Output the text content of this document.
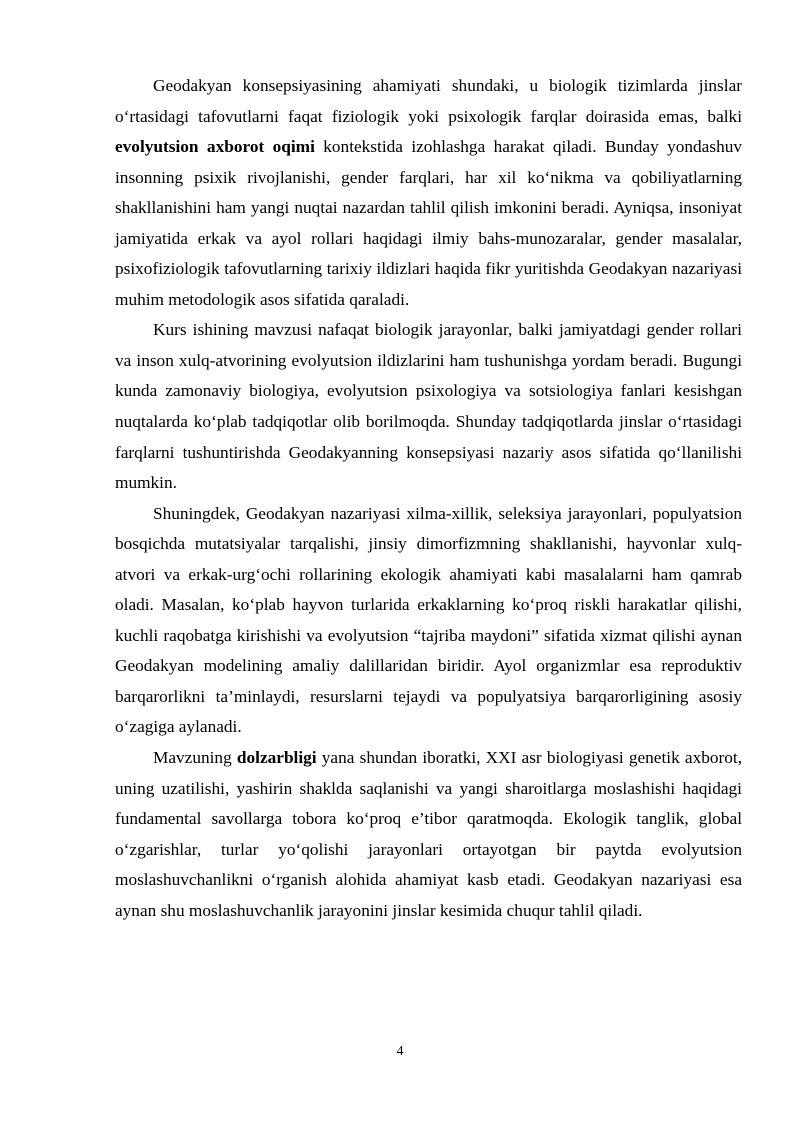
Geodakyan konsepsiyasining ahamiyati shundaki, u biologik tizimlarda jinslar o‘rtasidagi tafovutlarni faqat fiziologik yoki psixologik farqlar doirasida emas, balki evolyutsion axborot oqimi kontekstida izohlashga harakat qiladi. Bunday yondashuv insonning psixik rivojlanishi, gender farqlari, har xil ko‘nikma va qobiliyatlarning shakllanishini ham yangi nuqtai nazardan tahlil qilish imkonini beradi. Ayniqsa, insoniyat jamiyatida erkak va ayol rollari haqidagi ilmiy bahs-munozaralar, gender masalalar, psixofiziologik tafovutlarning tarixiy ildizlari haqida fikr yuritishda Geodakyan nazariyasi muhim metodologik asos sifatida qaraladi.

Kurs ishining mavzusi nafaqat biologik jarayonlar, balki jamiyatdagi gender rollari va inson xulq-atvorining evolyutsion ildizlarini ham tushunishga yordam beradi. Bugungi kunda zamonaviy biologiya, evolyutsion psixologiya va sotsiologiya fanlari kesishgan nuqtalarda ko‘plab tadqiqotlar olib borilmoqda. Shunday tadqiqotlarda jinslar o‘rtasidagi farqlarni tushuntirishda Geodakyanning konsepsiyasi nazariy asos sifatida qo‘llanilishi mumkin.

Shuningdek, Geodakyan nazariyasi xilma-xillik, seleksiya jarayonlari, populyatsion bosqichda mutatsiyalar tarqalishi, jinsiy dimorfizmning shakllanishi, hayvonlar xulq-atvori va erkak-urg‘ochi rollarining ekologik ahamiyati kabi masalalarni ham qamrab oladi. Masalan, ko‘plab hayvon turlarida erkaklarning ko‘proq riskli harakatlar qilishi, kuchli raqobatga kirishishi va evolyutsion “tajriba maydoni” sifatida xizmat qilishi aynan Geodakyan modelining amaliy dalillaridan biridir. Ayol organizmlar esa reproduktiv barqarorlikni ta’minlaydi, resurslarni tejaydi va populyatsiya barqarorligining asosiy o‘zagiga aylanadi.

Mavzuning dolzarbligi yana shundan iboratki, XXI asr biologiyasi genetik axborot, uning uzatilishi, yashirin shaklda saqlanishi va yangi sharoitlarga moslashishi haqidagi fundamental savollarga tobora ko‘proq e’tibor qaratmoqda. Ekologik tanglik, global o‘zgarishlar, turlar yo‘qolishi jarayonlari ortayotgan bir paytda evolyutsion moslashuvchanlikni o‘rganish alohida ahamiyat kasb etadi. Geodakyan nazariyasi esa aynan shu moslashuvchanlik jarayonini jinslar kesimida chuqur tahlil qiladi.

4
